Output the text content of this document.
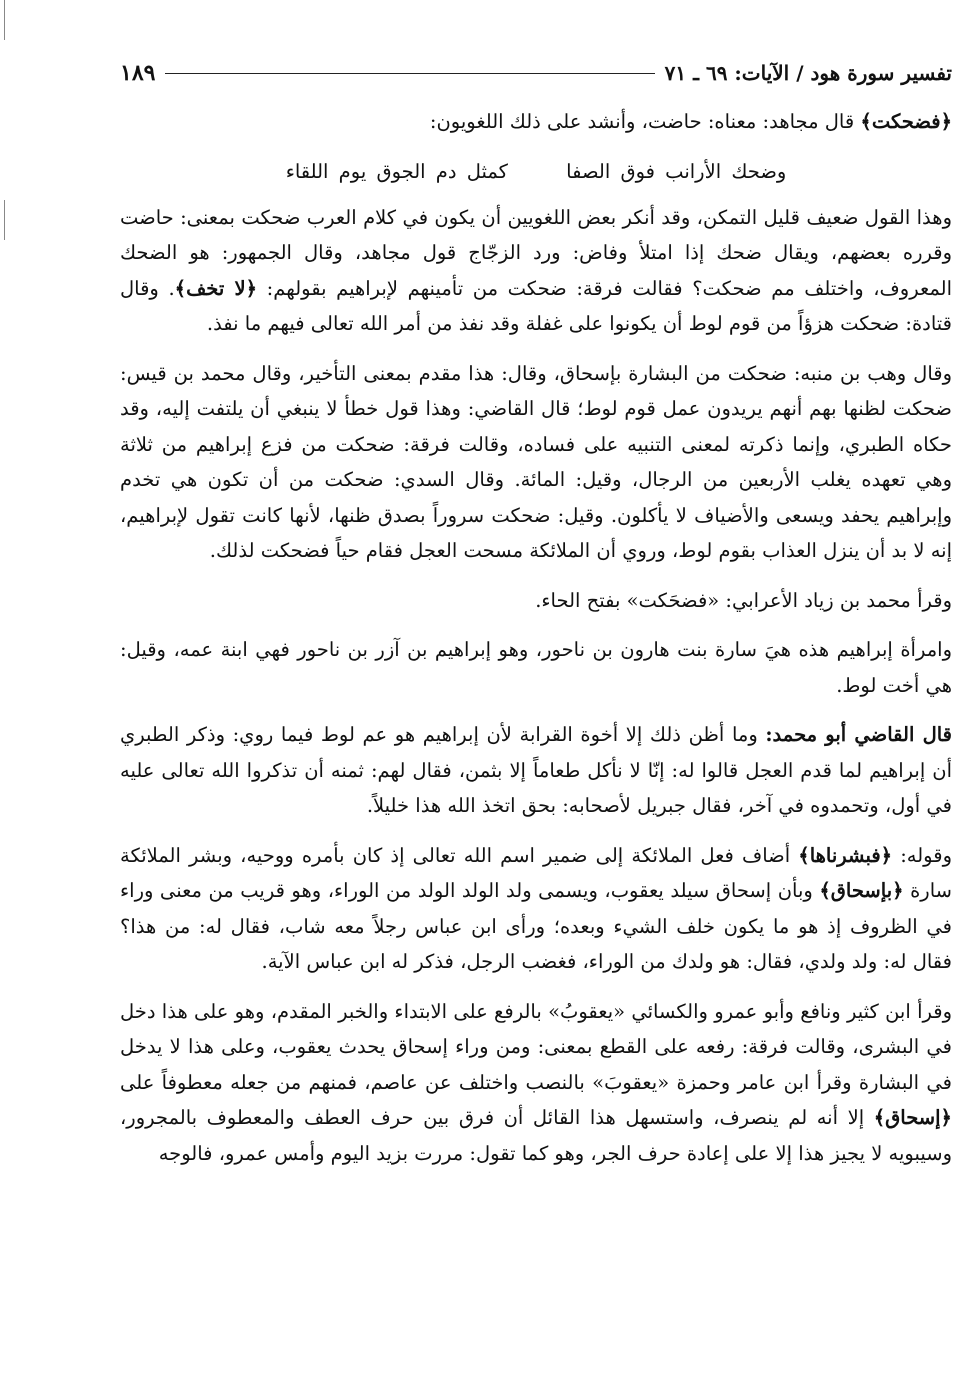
تفسير سورة هود / الآيات: ٦٩ ـ ٧١
١٨٩

﴿فضحكت﴾ قال مجاهد: معناه: حاضت، وأنشد على ذلك اللغويون:

وضحك الأرانب فوق الصفا كمثل دم الجوق يوم اللقاء

وهذا القول ضعيف قليل التمكن، وقد أنكر بعض اللغويين أن يكون في كلام العرب ضحكت بمعنى: حاضت وقرره بعضهم، ويقال ضحك إذا امتلأ وفاض: ورد الزجّاج قول مجاهد، وقال الجمهور: هو الضحك المعروف، واختلف مم ضحكت؟ فقالت فرقة: ضحكت من تأمينهم لإبراهيم بقولهم: ﴿لا تخف﴾. وقال قتادة: ضحكت هزؤاً من قوم لوط أن يكونوا على غفلة وقد نفذ من أمر الله تعالى فيهم ما نفذ.

وقال وهب بن منبه: ضحكت من البشارة بإسحاق، وقال: هذا مقدم بمعنى التأخير، وقال محمد بن قيس: ضحكت لظنها بهم أنهم يريدون عمل قوم لوط؛ قال القاضي: وهذا قول خطأ لا ينبغي أن يلتفت إليه، وقد حكاه الطبري، وإنما ذكرته لمعنى التنبيه على فساده، وقالت فرقة: ضحكت من فزع إبراهيم من ثلاثة وهي تعهده يغلب الأربعين من الرجال، وقيل: المائة. وقال السدي: ضحكت من أن تكون هي تخدم وإبراهيم يحفد ويسعى والأضياف لا يأكلون. وقيل: ضحكت سروراً بصدق ظنها، لأنها كانت تقول لإبراهيم، إنه لا بد أن ينزل العذاب بقوم لوط، وروي أن الملائكة مسحت العجل فقام حياً فضحكت لذلك.

وقرأ محمد بن زياد الأعرابي: «فضحَكت» بفتح الحاء.

وامرأة إبراهيم هذه هيَ سارة بنت هارون بن ناحور، وهو إبراهيم بن آزر بن ناحور فهي ابنة عمه، وقيل: هي أخت لوط.

قال القاضي أبو محمد: وما أظن ذلك إلا أخوة القرابة لأن إبراهيم هو عم لوط فيما روي: وذكر الطبري أن إبراهيم لما قدم العجل قالوا له: إنّا لا نأكل طعاماً إلا بثمن، فقال لهم: ثمنه أن تذكروا الله تعالى عليه في أول، وتحمدوه في آخر، فقال جبريل لأصحابه: بحق اتخذ الله هذا خليلاً.

وقوله: ﴿فبشرناها﴾ أضاف فعل الملائكة إلى ضمير اسم الله تعالى إذ كان بأمره ووحيه، وبشر الملائكة سارة ﴿بإسحاق﴾ وبأن إسحاق سيلد يعقوب، ويسمى ولد الولد الولد من الوراء، وهو قريب من معنى وراء في الظروف إذ هو ما يكون خلف الشيء وبعده؛ ورأى ابن عباس رجلاً معه شاب، فقال له: من هذا؟ فقال له: ولد ولدي، فقال: هو ولدك من الوراء، فغضب الرجل، فذكر له ابن عباس الآية.

وقرأ ابن كثير ونافع وأبو عمرو والكسائي «يعقوبُ» بالرفع على الابتداء والخبر المقدم، وهو على هذا دخل في البشرى، وقالت فرقة: رفعه على القطع بمعنى: ومن وراء إسحاق يحدث يعقوب، وعلى هذا لا يدخل في البشارة وقرأ ابن عامر وحمزة «يعقوبَ» بالنصب واختلف عن عاصم، فمنهم من جعله معطوفاً على ﴿إسحاق﴾ إلا أنه لم ينصرف، واستسهل هذا القائل أن فرق بين حرف العطف والمعطوف بالمجرور، وسيبويه لا يجيز هذا إلا على إعادة حرف الجر، وهو كما تقول: مررت بزيد اليوم وأمس عمرو، فالوجه
